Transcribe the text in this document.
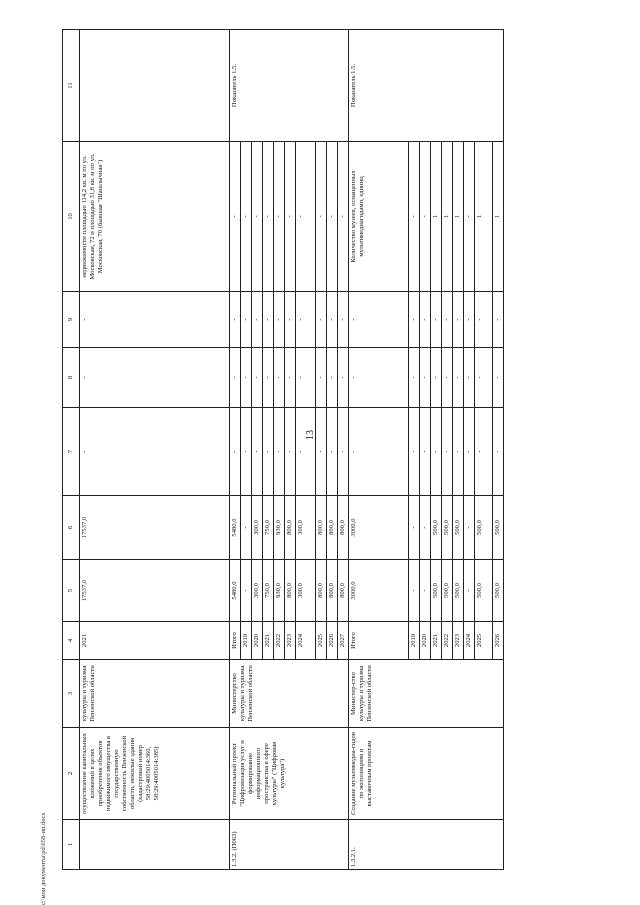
13
c:\мои документы\pd\658-ип.docx	1	2	3	4	5	6	7	8	9	10	11
	осуществление капитальных вложений в целях приобретения объектов недвижимого имущества в государственную собственность Пензенской области, нежилые здания (кадастровый номер 58:29:4005014:360, 58:29:4005014:385)	культуры и туризма Пензенской области	2021	17537,0	17537,0	-	-	-	недвижимости площадью 114,2 кв. м по ул. Московская, 72 и площадью 31,8 кв. м по ул. Московская, 70 (бывшая "Шашлычная")	
1.3.2. (П063)	Региональный проект "Цифровизация услуг и формирование информационного пространства в сфере культуры" ("Цифровая культура")	Министерство культуры и туризма Пензенской области	Итого	5480,0	5480,0	-	-	-	-	Показатель 1.5.
			2019	-	-	-	-	-	-	
			2020	300,0	300,0	-	-	-	-	
			2021	750,0	750,0	-	-	-	-	
			2022	930,0	930,0	-	-	-	-	
			2023	800,0	800,0	-	-	-	-	
			2024	300,0	300,0	-	-	-	-	
			2025	800,0	800,0	-	-	-	-	
			2026	800,0	800,0	-	-	-	-	
			2027	800,0	800,0	-	-	-	-	
1.3.2.1.	Создание мультимедиа-гидов по экспозициям и выставочным проектам	Министер-ство культуры и туризма Пензенской области	Итого	3000,0	3000,0	-	-	-	Количество музеев, оснащенных мультимедиагидами, единиц	Показатель 1.5.
			2019	-	-	-	-	-	-	
			2020	-	-	-	-	-	-	
			2021	500,0	500,0	-	-	-	1	
			2022	500,0	500,0	-	-	-	1	
			2023	500,0	500,0	-	-	-	1	
			2024	-	-	-	-	-	-	
			2025	500,0	500,0	-	-	-	1	
			2026	500,0	500,0	-	-	-	1	
